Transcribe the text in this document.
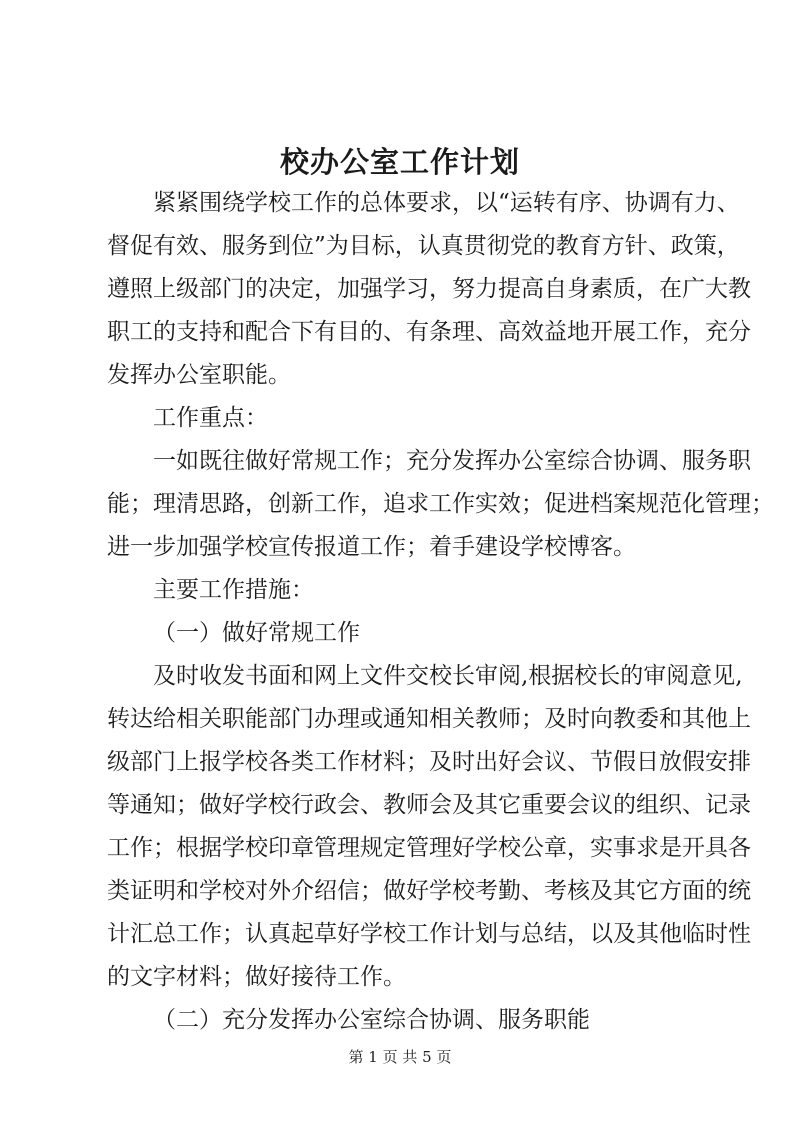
校办公室工作计划

紧紧围绕学校工作的总体要求，以“运转有序、协调有力、
督促有效、服务到位”为目标，认真贯彻党的教育方针、政策，
遵照上级部门的决定，加强学习，努力提高自身素质，在广大教
职工的支持和配合下有目的、有条理、高效益地开展工作，充分
发挥办公室职能。

工作重点：

一如既往做好常规工作；充分发挥办公室综合协调、服务职
能；理清思路，创新工作，追求工作实效；促进档案规范化管理；
进一步加强学校宣传报道工作；着手建设学校博客。

主要工作措施：

（一）做好常规工作

及时收发书面和网上文件交校长审阅,根据校长的审阅意见,
转达给相关职能部门办理或通知相关教师；及时向教委和其他上
级部门上报学校各类工作材料；及时出好会议、节假日放假安排
等通知；做好学校行政会、教师会及其它重要会议的组织、记录
工作；根据学校印章管理规定管理好学校公章，实事求是开具各
类证明和学校对外介绍信；做好学校考勤、考核及其它方面的统
计汇总工作；认真起草好学校工作计划与总结，以及其他临时性
的文字材料；做好接待工作。

（二）充分发挥办公室综合协调、服务职能

第 1 页 共 5 页
